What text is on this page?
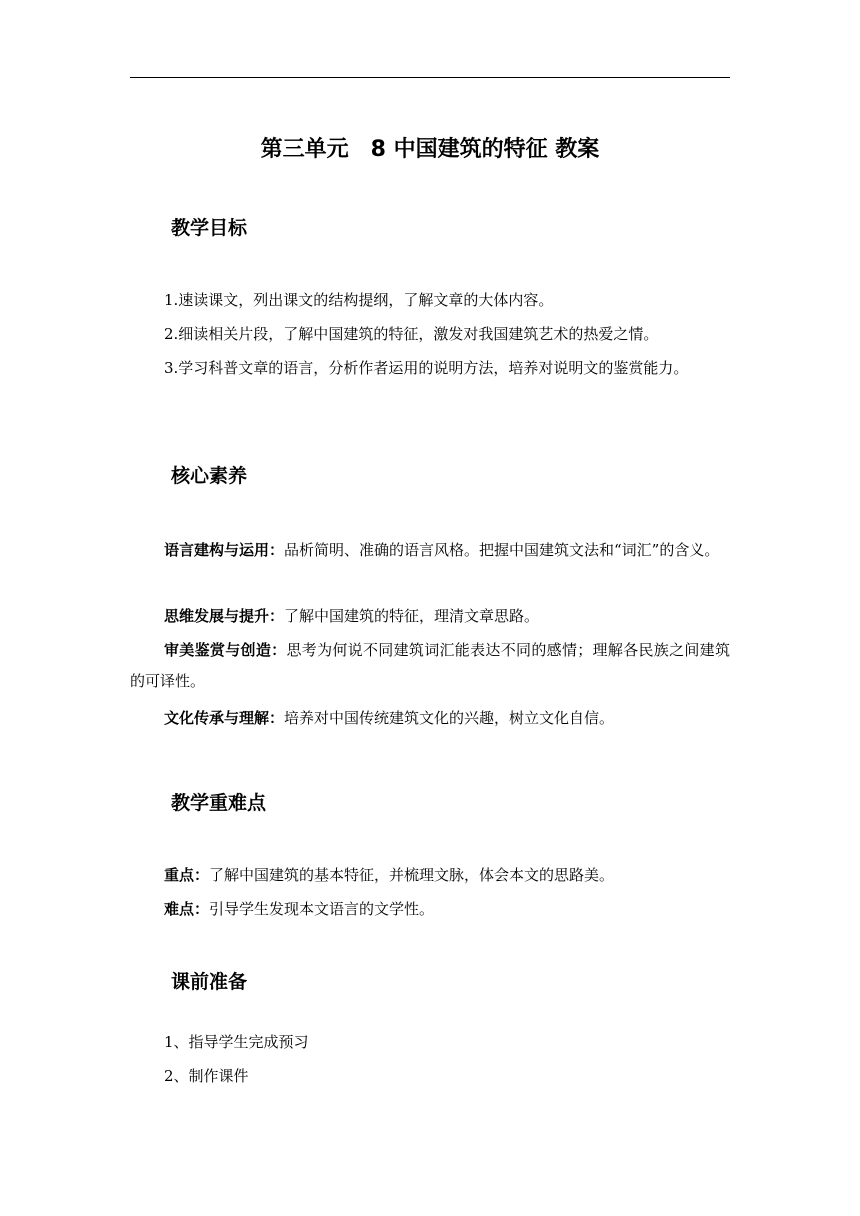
第三单元　8 中国建筑的特征 教案
教学目标

1.速读课文，列出课文的结构提纲，了解文章的大体内容。

2.细读相关片段，了解中国建筑的特征，激发对我国建筑艺术的热爱之情。

3.学习科普文章的语言，分析作者运用的说明方法，培养对说明文的鉴赏能力。

核心素养

语言建构与运用：品析简明、准确的语言风格。把握中国建筑文法和“词汇”的含义。

思维发展与提升：了解中国建筑的特征，理清文章思路。

审美鉴赏与创造：思考为何说不同建筑词汇能表达不同的感情；理解各民族之间建筑的可译性。

文化传承与理解：培养对中国传统建筑文化的兴趣，树立文化自信。

教学重难点

重点：了解中国建筑的基本特征，并梳理文脉，体会本文的思路美。

难点：引导学生发现本文语言的文学性。

课前准备

1、指导学生完成预习

2、制作课件
